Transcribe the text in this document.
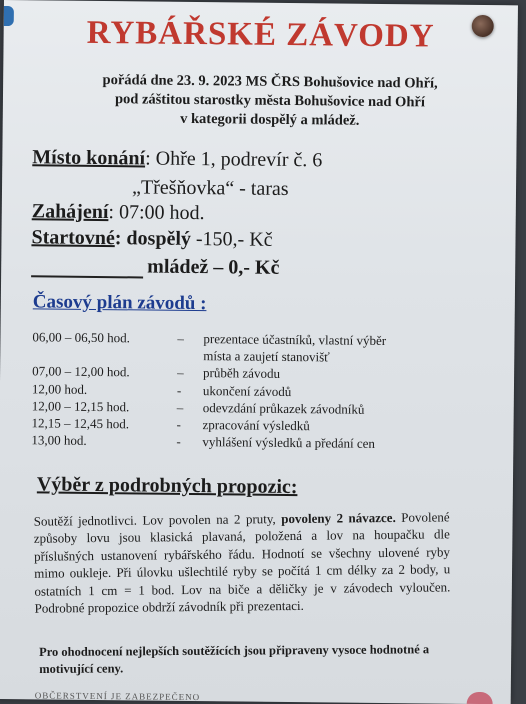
RYBÁŘSKÉ ZÁVODY
pořádá dne 23. 9. 2023 MS ČRS Bohušovice nad Ohří,
pod záštitou starostky města Bohušovice nad Ohří
v kategorii dospělý a mládež.
Místo konání: Ohře 1, podrevír č. 6
„Třešňovka“ - taras
Zahájení: 07:00 hod.
Startovné: dospělý -150,- Kč
mládež – 0,- Kč
Časový plán závodů :
06,00 – 06,50 hod.	–	prezentace účastníků, vlastní výběr
místa a zaujetí stanovišť
07,00 – 12,00 hod.	–	průběh závodu
12,00 hod.	-	ukončení závodů
12,00 – 12,15 hod.	–	odevzdání průkazek závodníků
12,15 – 12,45 hod.	-	zpracování výsledků
13,00 hod.	-	vyhlášení výsledků a předání cen
Výběr z podrobných propozic:
Soutěží jednotlivci. Lov povolen na 2 pruty, povoleny 2 návazce. Povolené způsoby lovu jsou klasická plavaná, položená a lov na houpačku dle příslušných ustanovení rybářského řádu. Hodnotí se všechny ulovené ryby mimo oukleje. Při úlovku ušlechtilé ryby se počítá 1 cm délky za 2 body, u ostatních 1 cm = 1 bod. Lov na biče a děličky je v závodech vyloučen. Podrobné propozice obdrží závodník při prezentaci.
Pro ohodnocení nejlepších soutěžících jsou připraveny vysoce hodnotné a motivující ceny.
OBČERSTVENÍ JE ZABEZPEČENO
